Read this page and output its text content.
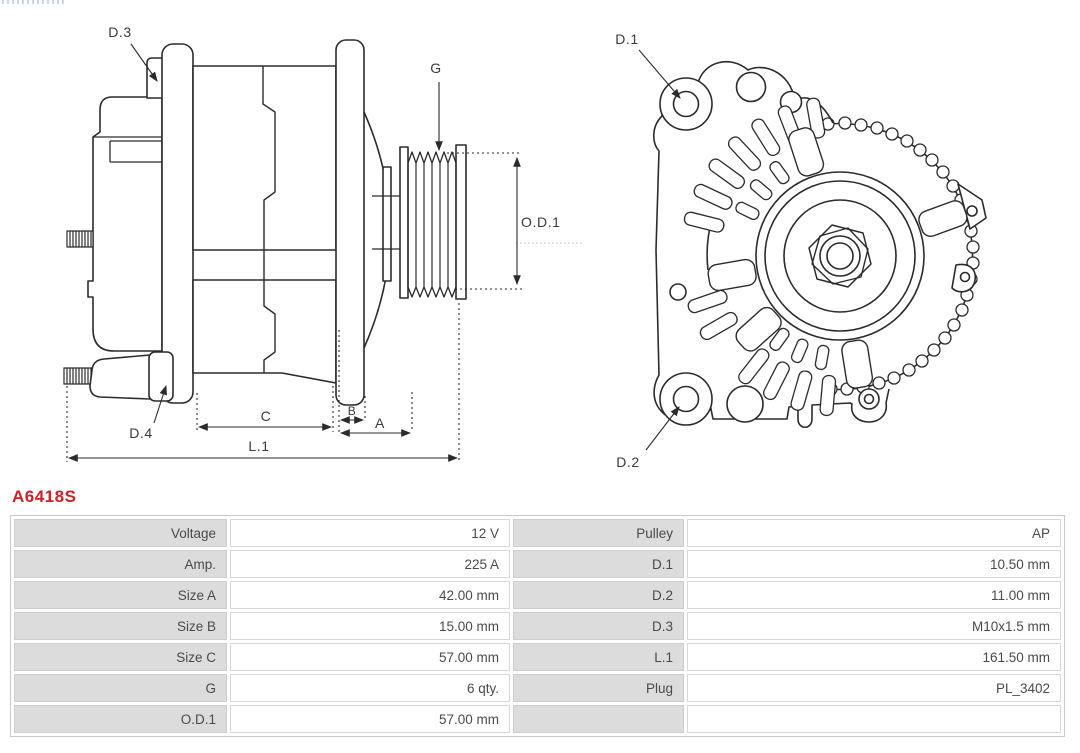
D.3
G
O.D.1
D.4
C	B
A
L.1
D.1
D.2
A6418S
Voltage	12 V	Pulley	AP
Amp.	225 A	D.1	10.50 mm
Size A	42.00 mm	D.2	11.00 mm
Size B	15.00 mm	D.3	M10x1.5 mm
Size C	57.00 mm	L.1	161.50 mm
G	6 qty.	Plug	PL_3402
O.D.1	57.00 mm		
